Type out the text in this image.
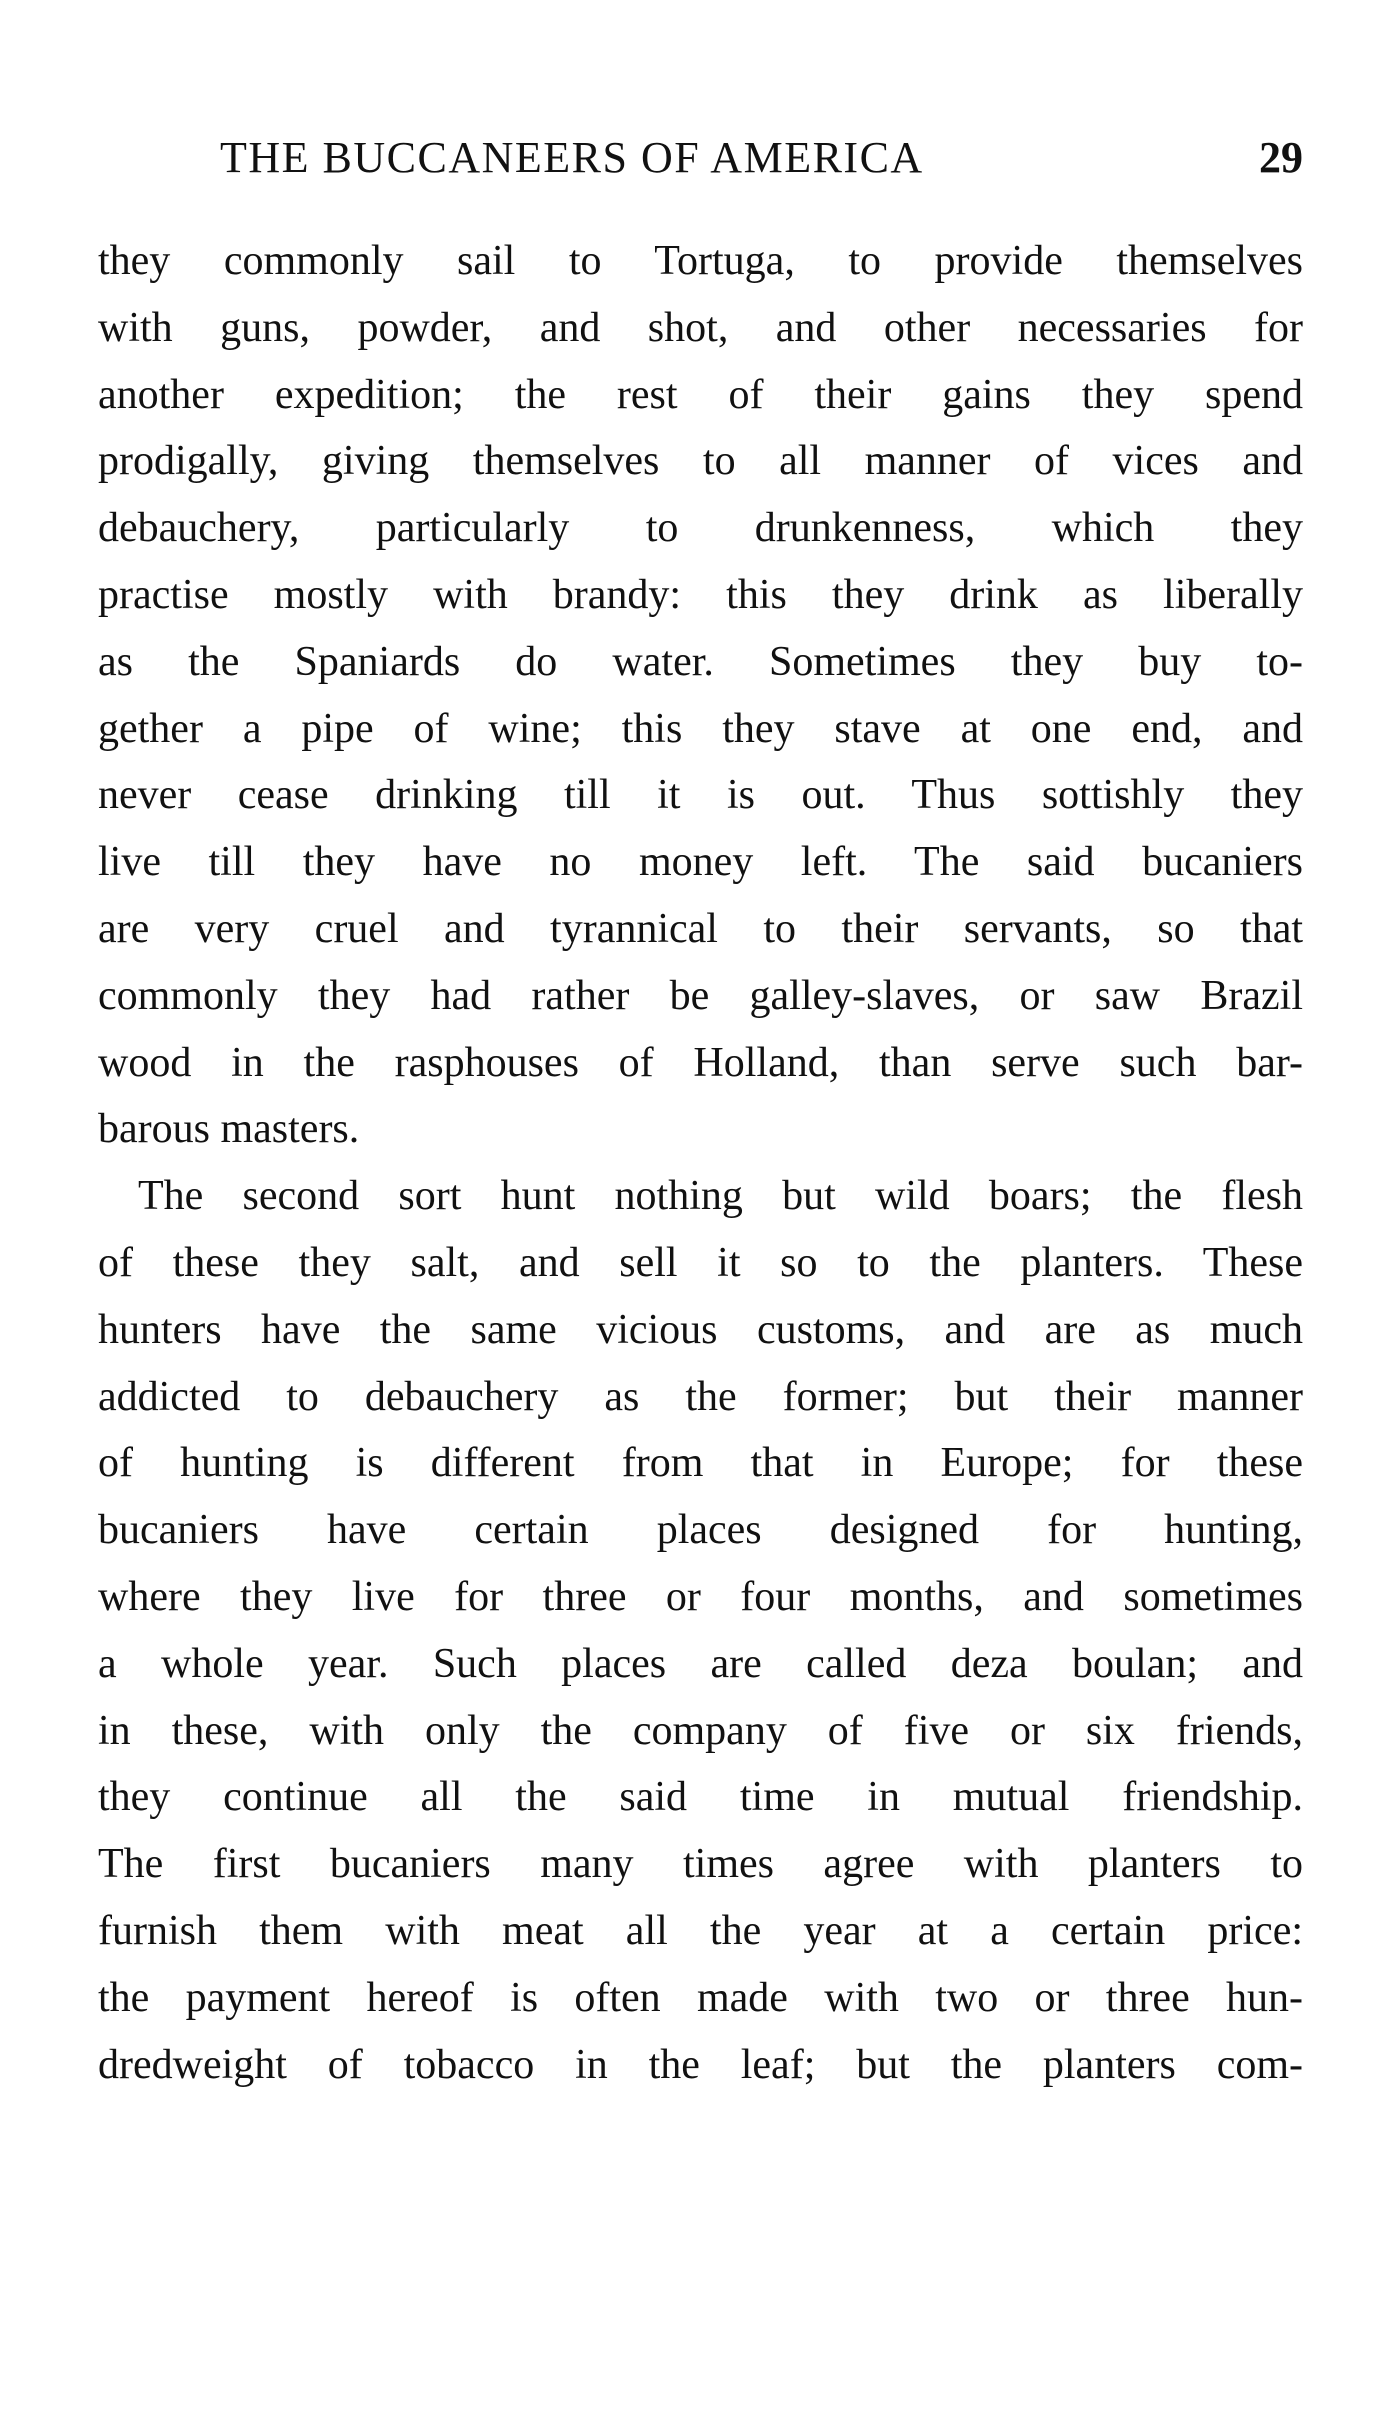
THE BUCCANEERS OF AMERICA	29
they commonly sail to Tortuga, to provide themselves
with guns, powder, and shot, and other necessaries for
another expedition; the rest of their gains they spend
prodigally, giving themselves to all manner of vices and
debauchery, particularly to drunkenness, which they
practise mostly with brandy: this they drink as liberally
as the Spaniards do water. Sometimes they buy to-
gether a pipe of wine; this they stave at one end, and
never cease drinking till it is out. Thus sottishly they
live till they have no money left. The said bucaniers
are very cruel and tyrannical to their servants, so that
commonly they had rather be galley-slaves, or saw Brazil
wood in the rasphouses of Holland, than serve such bar-
barous masters.
The second sort hunt nothing but wild boars; the flesh
of these they salt, and sell it so to the planters. These
hunters have the same vicious customs, and are as much
addicted to debauchery as the former; but their manner
of hunting is different from that in Europe; for these
bucaniers have certain places designed for hunting,
where they live for three or four months, and sometimes
a whole year. Such places are called deza boulan; and
in these, with only the company of five or six friends,
they continue all the said time in mutual friendship.
The first bucaniers many times agree with planters to
furnish them with meat all the year at a certain price:
the payment hereof is often made with two or three hun-
dredweight of tobacco in the leaf; but the planters com-
